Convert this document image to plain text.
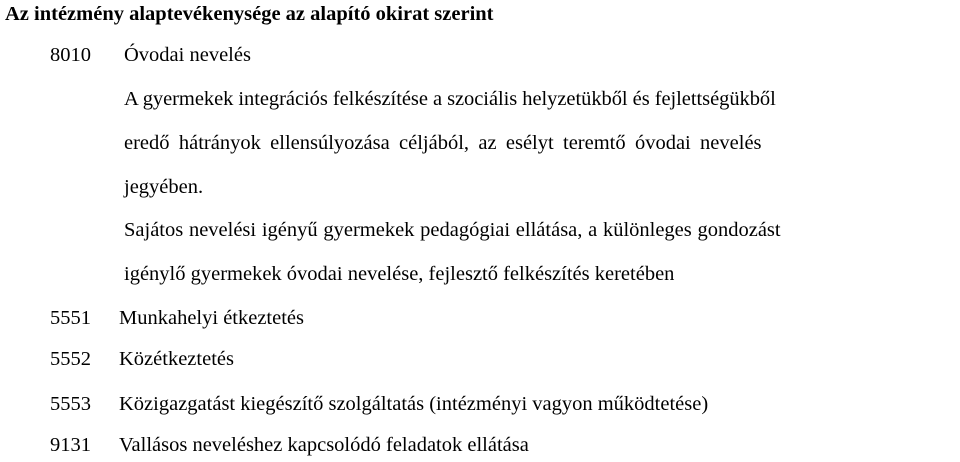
Az intézmény alaptevékenysége az alapító okirat szerint
8010 Óvodai nevelés
A gyermekek integrációs felkészítése a szociális helyzetükből és fejlettségükből
eredő hátrányok ellensúlyozása céljából, az esélyt teremtő óvodai nevelés
jegyében.
Sajátos nevelési igényű gyermekek pedagógiai ellátása, a különleges gondozást
igénylő gyermekek óvodai nevelése, fejlesztő felkészítés keretében
5551 Munkahelyi étkeztetés
5552 Közétkeztetés
5553 Közigazgatást kiegészítő szolgáltatás (intézményi vagyon működtetése)
9131 Vallásos neveléshez kapcsolódó feladatok ellátása
